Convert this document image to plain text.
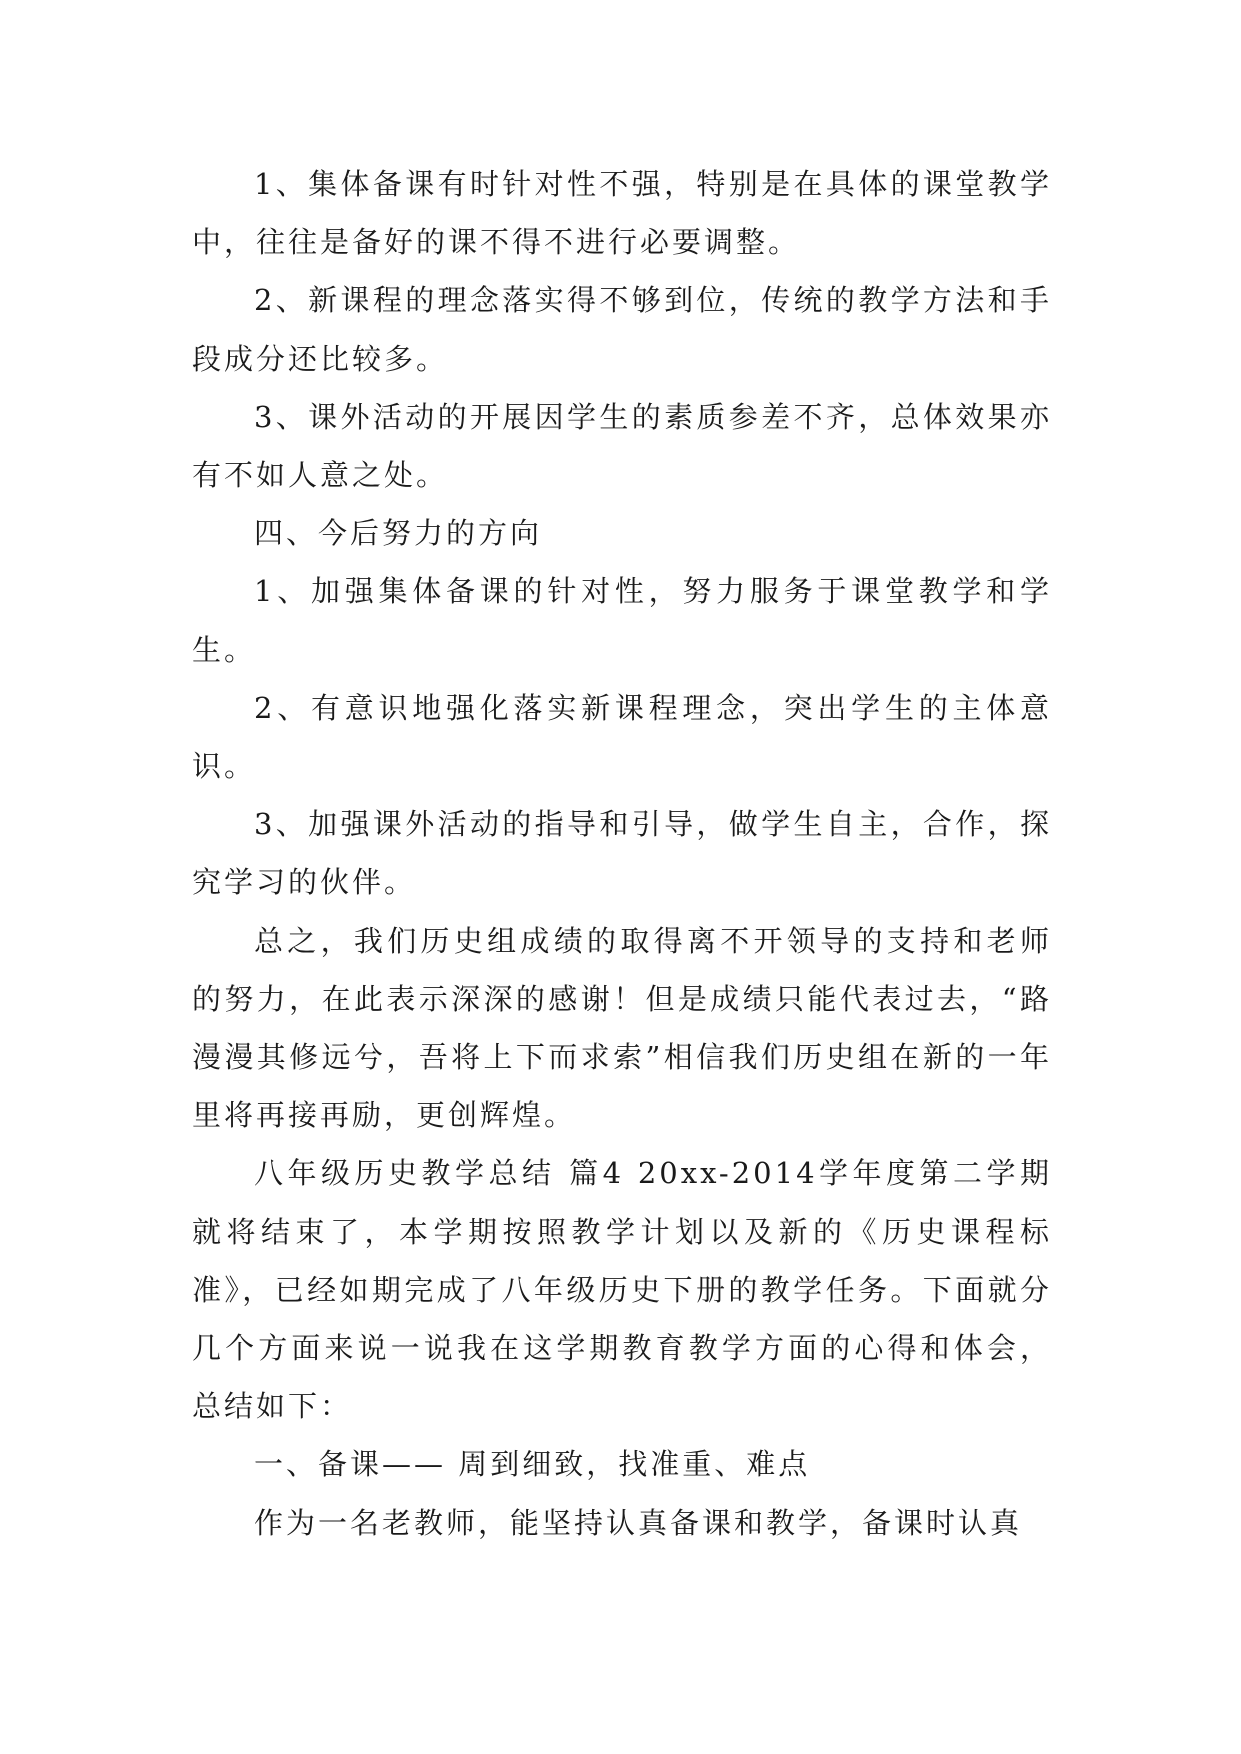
1、集体备课有时针对性不强，特别是在具体的课堂教学中，往往是备好的课不得不进行必要调整。

2、新课程的理念落实得不够到位，传统的教学方法和手段成分还比较多。

3、课外活动的开展因学生的素质参差不齐，总体效果亦有不如人意之处。

四、今后努力的方向

1、加强集体备课的针对性，努力服务于课堂教学和学生。

2、有意识地强化落实新课程理念，突出学生的主体意识。

3、加强课外活动的指导和引导，做学生自主，合作，探究学习的伙伴。

总之，我们历史组成绩的取得离不开领导的支持和老师的努力，在此表示深深的感谢！但是成绩只能代表过去，“路漫漫其修远兮，吾将上下而求索”相信我们历史组在新的一年里将再接再励，更创辉煌。

八年级历史教学总结 篇4 20xx-2014学年度第二学期就将结束了，本学期按照教学计划以及新的《历史课程标准》，已经如期完成了八年级历史下册的教学任务。下面就分几个方面来说一说我在这学期教育教学方面的心得和体会，总结如下：

一、备课—— 周到细致，找准重、难点

作为一名老教师，能坚持认真备课和教学，备课时认真
